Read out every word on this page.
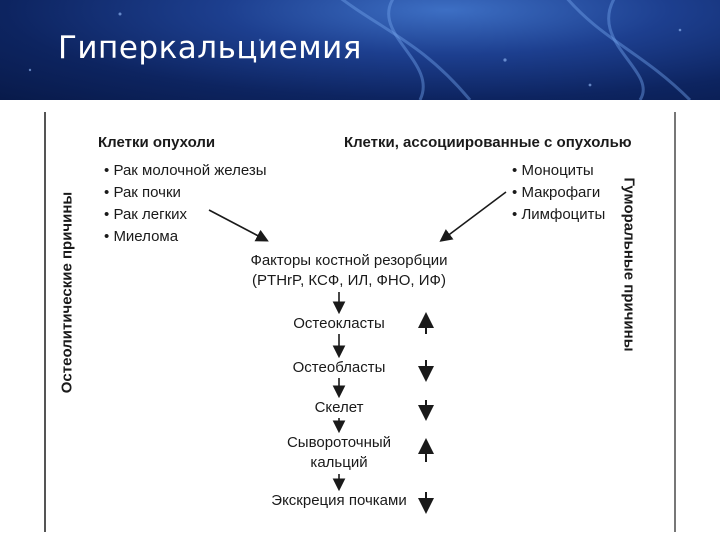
Гиперкальциемия
Клетки опухоли
• Рак молочной железы
• Рак почки
• Рак легких
• Миелома
Клетки, ассоциированные с опухолью
• Моноциты
• Макрофаги
• Лимфоциты
Остеолитические причины	Гуморальные причины
Факторы костной резорбции
(PTHrP, КСФ, ИЛ, ФНО, ИФ)
Остеокласты
Остеобласты
Скелет
Сывороточный
кальций
Экскреция почками
